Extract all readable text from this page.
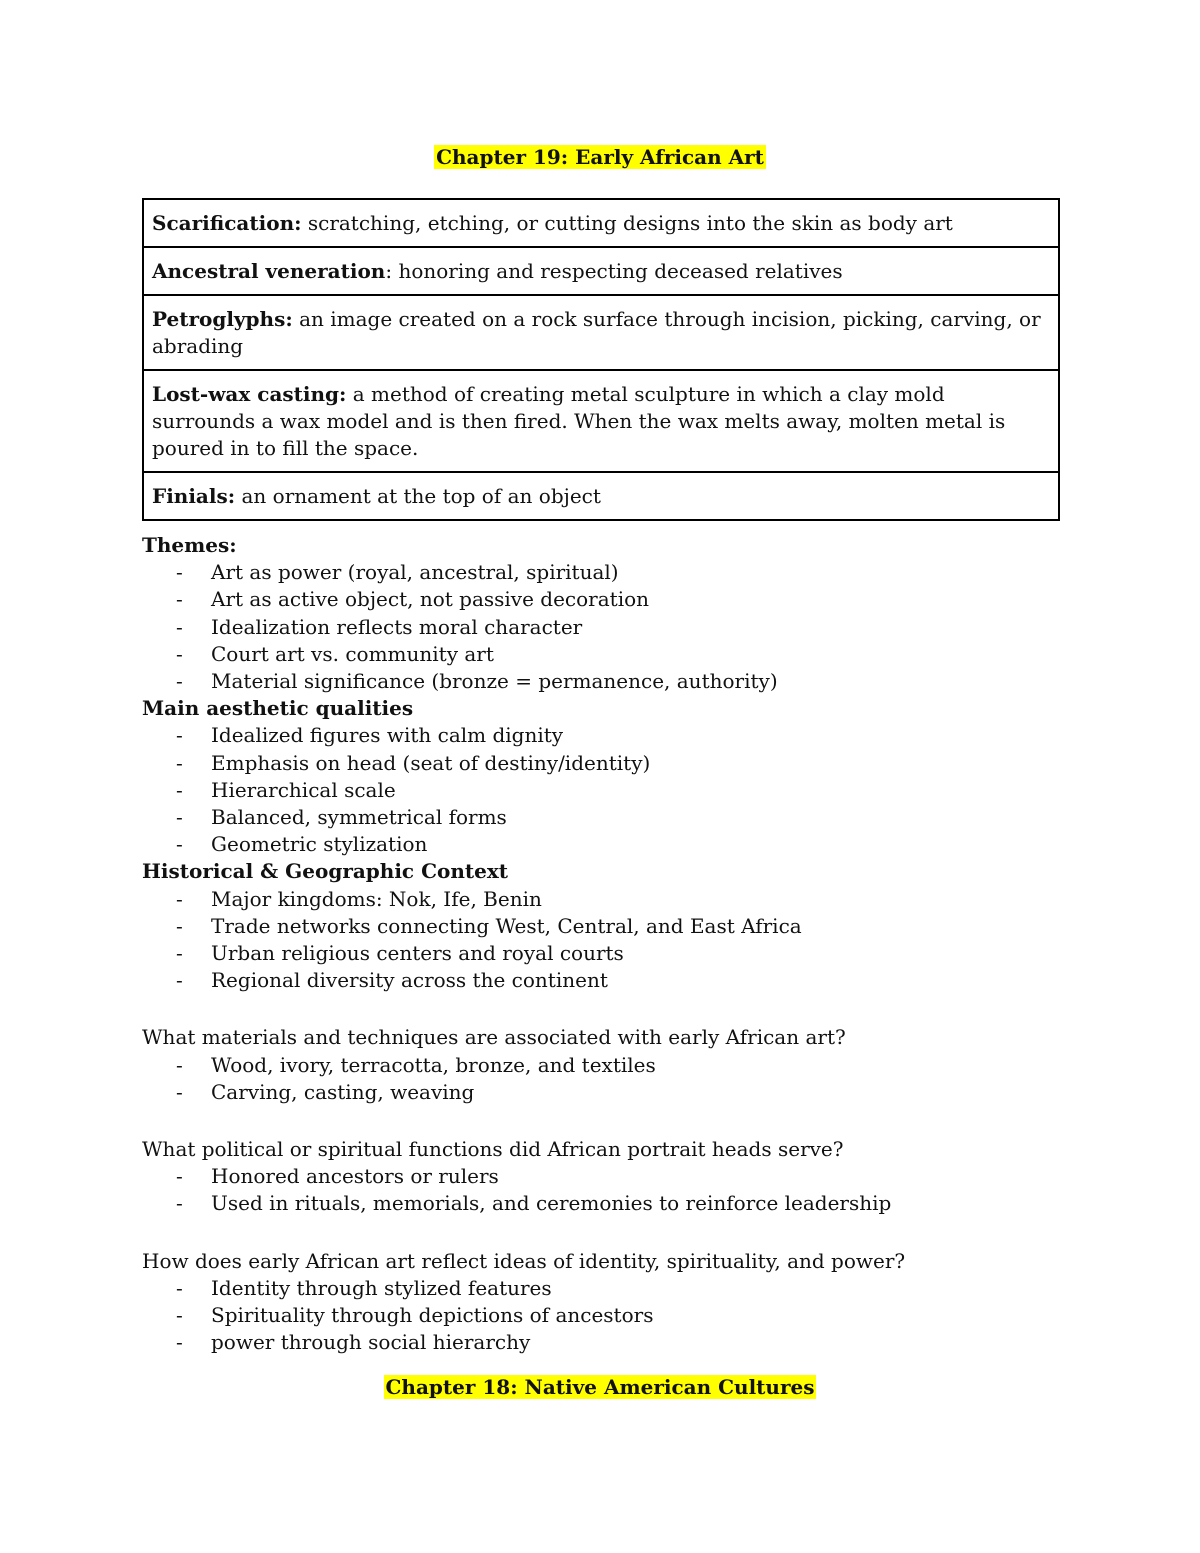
Chapter 19: Early African Art
Scarification: scratching, etching, or cutting designs into the skin as body art
Ancestral veneration: honoring and respecting deceased relatives
Petroglyphs: an image created on a rock surface through incision, picking, carving, or abrading
Lost-wax casting: a method of creating metal sculpture in which a clay mold surrounds a wax model and is then fired. When the wax melts away, molten metal is poured in to fill the space.
Finials: an ornament at the top of an object
Themes:
- Art as power (royal, ancestral, spiritual)
- Art as active object, not passive decoration
- Idealization reflects moral character
- Court art vs. community art
- Material significance (bronze = permanence, authority)
Main aesthetic qualities
- Idealized figures with calm dignity
- Emphasis on head (seat of destiny/identity)
- Hierarchical scale
- Balanced, symmetrical forms
- Geometric stylization
Historical & Geographic Context
- Major kingdoms: Nok, Ife, Benin
- Trade networks connecting West, Central, and East Africa
- Urban religious centers and royal courts
- Regional diversity across the continent
What materials and techniques are associated with early African art?
- Wood, ivory, terracotta, bronze, and textiles
- Carving, casting, weaving
What political or spiritual functions did African portrait heads serve?
- Honored ancestors or rulers
- Used in rituals, memorials, and ceremonies to reinforce leadership
How does early African art reflect ideas of identity, spirituality, and power?
- Identity through stylized features
- Spirituality through depictions of ancestors
- power through social hierarchy
Chapter 18: Native American Cultures
